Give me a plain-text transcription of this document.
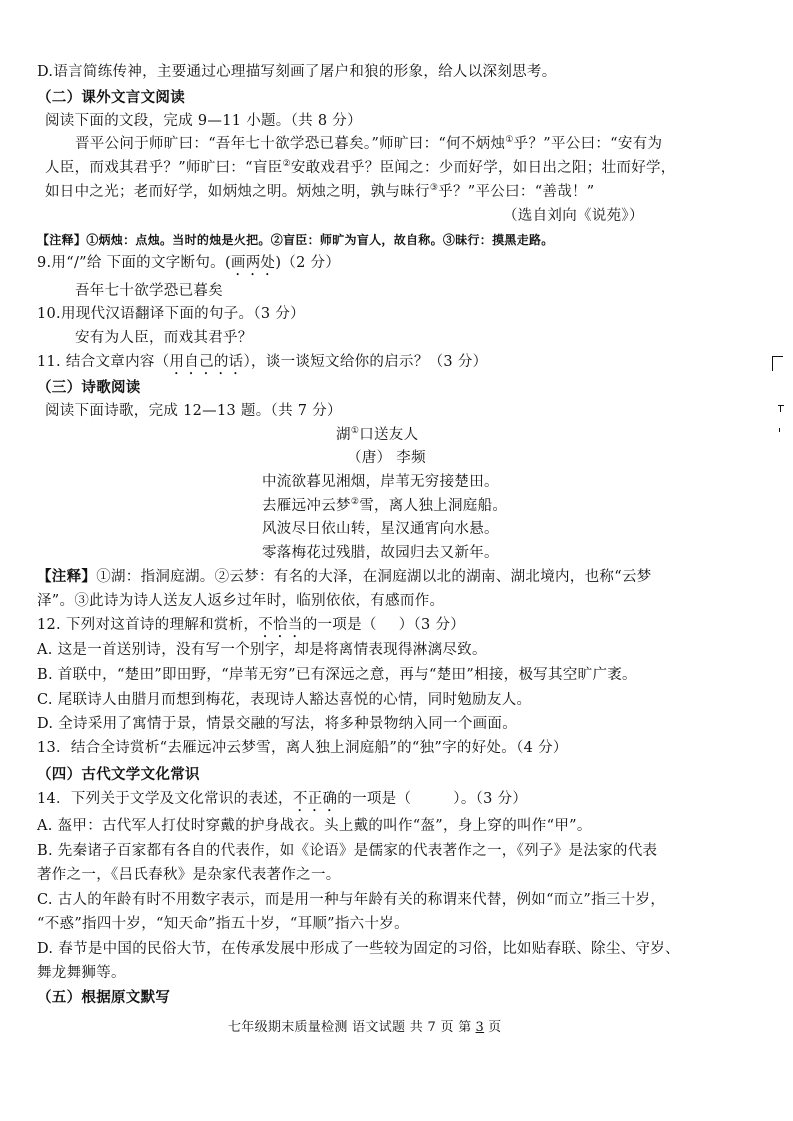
D.语言简练传神，主要通过心理描写刻画了屠户和狼的形象，给人以深刻思考。
（二）课外文言文阅读
阅读下面的文段，完成 9—11 小题。（共 8 分）
晋平公问于师旷曰：“吾年七十欲学恐已暮矣。”师旷曰：“何不炳烛①乎？”平公曰：“安有为
人臣，而戏其君乎？”师旷曰：“盲臣②安敢戏君乎？臣闻之：少而好学，如日出之阳；壮而好学，
如日中之光；老而好学，如炳烛之明。炳烛之明，孰与昧行③乎？”平公曰：“善哉！”
（选自刘向《说苑》）
【注释】①炳烛：点烛。当时的烛是火把。②盲臣：师旷为盲人，故自称。③昧行：摸黑走路。
9.用“/”给 下面的文字断句。(画两处)（2 分）
吾年七十欲学恐已暮矣
10.用现代汉语翻译下面的句子。（3 分）
安有为人臣，而戏其君乎？
11. 结合文章内容（用自己的话），谈一谈短文给你的启示？（3 分）
（三）诗歌阅读
阅读下面诗歌，完成 12—13 题。（共 7 分）
湖①口送友人
（唐） 李频
中流欲暮见湘烟，岸苇无穷接楚田。
去雁远冲云梦②雪，离人独上洞庭船。
风波尽日依山转，星汉通宵向水悬。
零落梅花过残腊，故园归去又新年。
【注释】①湖：指洞庭湖。②云梦：有名的大泽，在洞庭湖以北的湖南、湖北境内，也称“云梦
泽”。③此诗为诗人送友人返乡过年时，临别依依，有感而作。
12. 下列对这首诗的理解和赏析，不恰当的一项是（ ）（3 分）
A. 这是一首送别诗，没有写一个别字，却是将离情表现得淋漓尽致。
B. 首联中，“楚田”即田野，“岸苇无穷”已有深远之意，再与“楚田”相接，极写其空旷广袤。
C. 尾联诗人由腊月而想到梅花，表现诗人豁达喜悦的心情，同时勉励友人。
D. 全诗采用了寓情于景，情景交融的写法，将多种景物纳入同一个画面。
13．结合全诗赏析“去雁远冲云梦雪，离人独上洞庭船”的“独”字的好处。（4 分）
（四）古代文学文化常识
14．下列关于文学及文化常识的表述，不正确的一项是（	）。（3 分）
A. 盔甲：古代军人打仗时穿戴的护身战衣。头上戴的叫作“盔”，身上穿的叫作“甲”。
B. 先秦诸子百家都有各自的代表作，如《论语》是儒家的代表著作之一，《列子》是法家的代表
著作之一，《吕氏春秋》是杂家代表著作之一。
C. 古人的年龄有时不用数字表示，而是用一种与年龄有关的称谓来代替，例如“而立”指三十岁，
“不惑”指四十岁，“知天命”指五十岁，“耳顺”指六十岁。
D. 春节是中国的民俗大节，在传承发展中形成了一些较为固定的习俗，比如贴春联、除尘、守岁、
舞龙舞狮等。
（五）根据原文默写
七年级期末质量检测 语文试题 共 7 页 第 3 页
